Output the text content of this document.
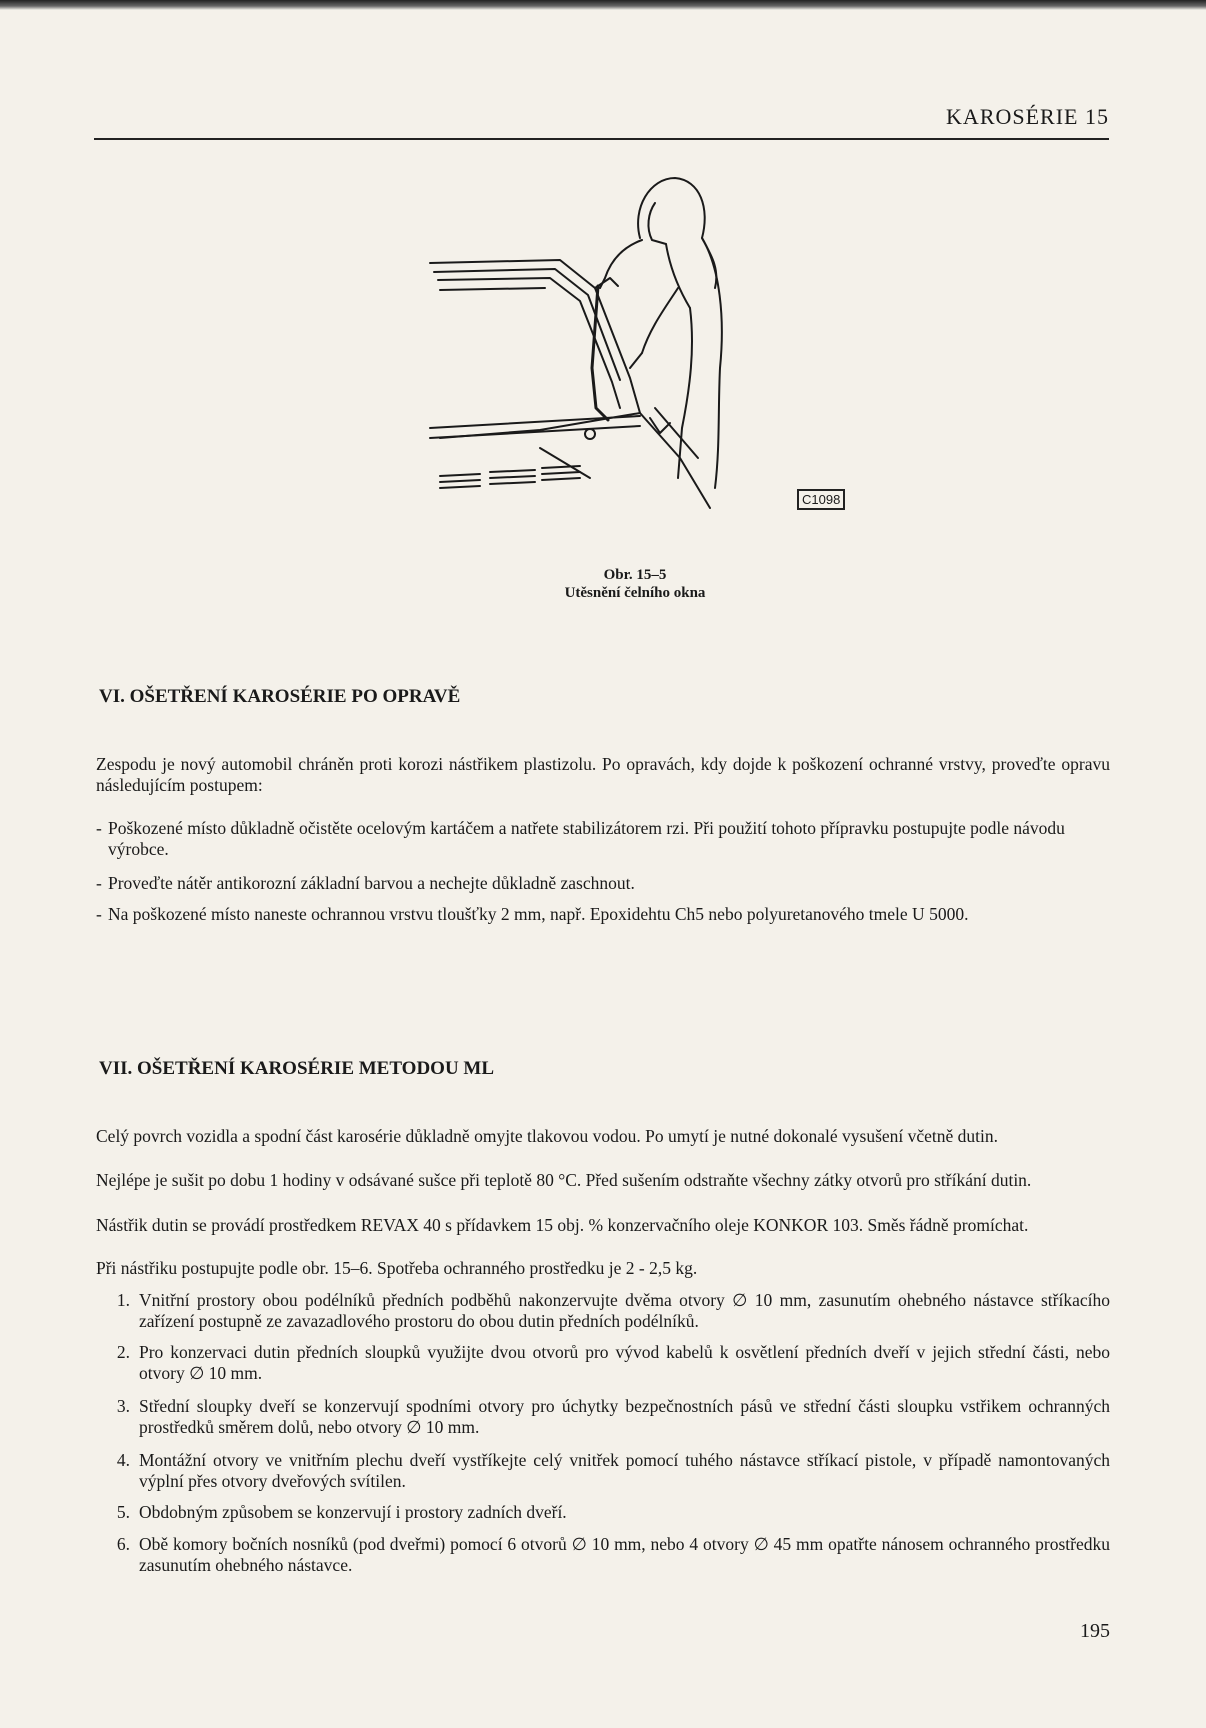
KAROSÉRIE 15
C1098
Obr. 15–5
Utěsnění čelního okna
VI. OŠETŘENÍ KAROSÉRIE PO OPRAVĚ
Zespodu je nový automobil chráněn proti korozi nástřikem plastizolu. Po opravách, kdy dojde k poškození ochranné vrstvy, proveďte opravu následujícím postupem:
- Poškozené místo důkladně očistěte ocelovým kartáčem a natřete stabilizátorem rzi. Při použití tohoto přípravku postupujte podle návodu výrobce.
- Proveďte nátěr antikorozní základní barvou a nechejte důkladně zaschnout.
- Na poškozené místo naneste ochrannou vrstvu tloušťky 2 mm, např. Epoxidehtu Ch5 nebo polyuretanového tmele U 5000.
VII. OŠETŘENÍ KAROSÉRIE METODOU ML
Celý povrch vozidla a spodní část karosérie důkladně omyjte tlakovou vodou. Po umytí je nutné dokonalé vysušení včetně dutin.
Nejlépe je sušit po dobu 1 hodiny v odsávané sušce při teplotě 80 °C. Před sušením odstraňte všechny zátky otvorů pro stříkání dutin.
Nástřik dutin se provádí prostředkem REVAX 40 s přídavkem 15 obj. % konzervačního oleje KONKOR 103. Směs řádně promíchat.
Při nástřiku postupujte podle obr. 15–6. Spotřeba ochranného prostředku je 2 - 2,5 kg.
1. Vnitřní prostory obou podélníků předních podběhů nakonzervujte dvěma otvory ∅ 10 mm, zasunutím ohebného nástavce stříkacího zařízení postupně ze zavazadlového prostoru do obou dutin předních podélníků.
2. Pro konzervaci dutin předních sloupků využijte dvou otvorů pro vývod kabelů k osvětlení předních dveří v jejich střední části, nebo otvory ∅ 10 mm.
3. Střední sloupky dveří se konzervují spodními otvory pro úchytky bezpečnostních pásů ve střední části sloupku vstřikem ochranných prostředků směrem dolů, nebo otvory ∅ 10 mm.
4. Montážní otvory ve vnitřním plechu dveří vystříkejte celý vnitřek pomocí tuhého nástavce stříkací pistole, v případě namontovaných výplní přes otvory dveřových svítilen.
5. Obdobným způsobem se konzervují i prostory zadních dveří.
6. Obě komory bočních nosníků (pod dveřmi) pomocí 6 otvorů ∅ 10 mm, nebo 4 otvory ∅ 45 mm opatřte nánosem ochranného prostředku zasunutím ohebného nástavce.
195
